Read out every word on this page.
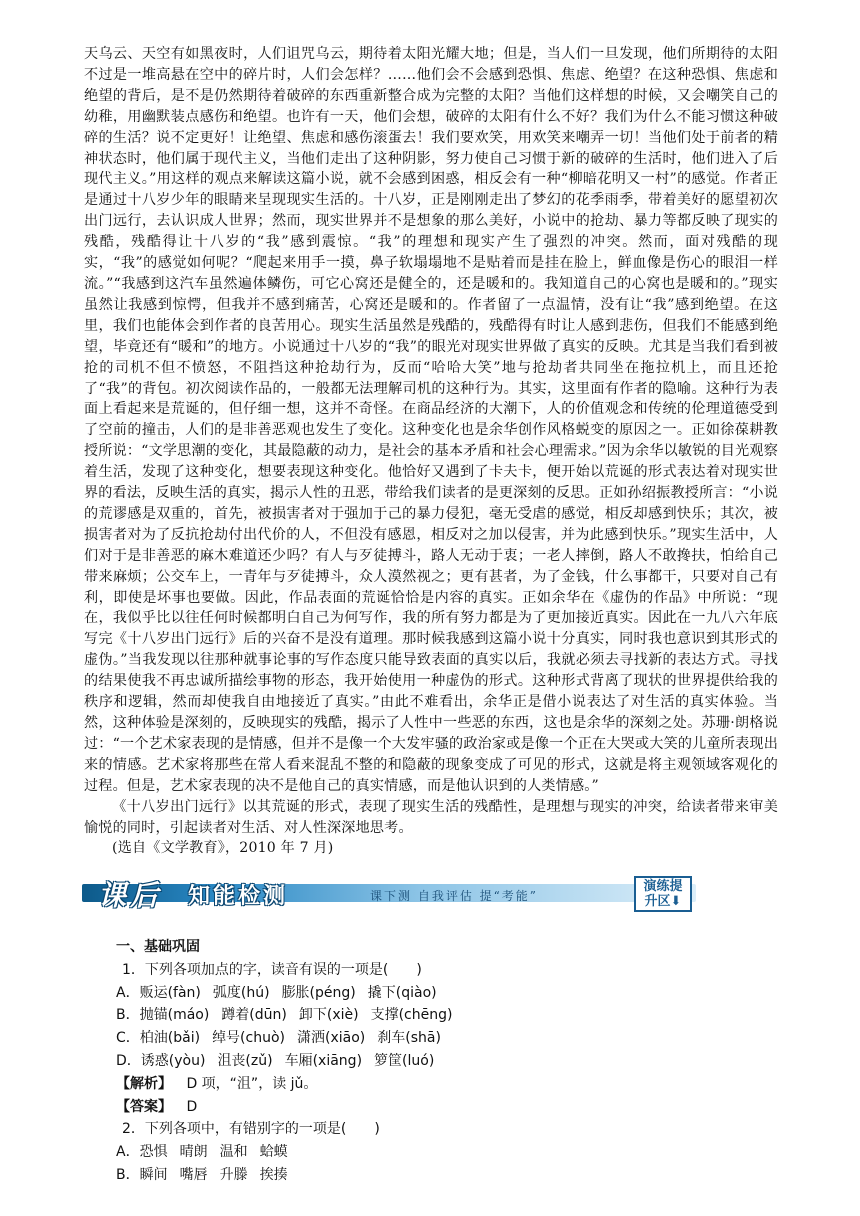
天乌云、天空有如黑夜时，人们诅咒乌云，期待着太阳光耀大地；但是，当人们一旦发现，他们所期待的太阳不过是一堆高悬在空中的碎片时，人们会怎样？……他们会不会感到恐惧、焦虑、绝望？在这种恐惧、焦虑和绝望的背后，是不是仍然期待着破碎的东西重新整合成为完整的太阳？当他们这样想的时候，又会嘲笑自己的幼稚，用幽默装点感伤和绝望。也许有一天，他们会想，破碎的太阳有什么不好？我们为什么不能习惯这种破碎的生活？说不定更好！让绝望、焦虑和感伤滚蛋去！我们要欢笑，用欢笑来嘲弄一切！当他们处于前者的精神状态时，他们属于现代主义，当他们走出了这种阴影，努力使自己习惯于新的破碎的生活时，他们进入了后现代主义。”用这样的观点来解读这篇小说，就不会感到困惑，相反会有一种“柳暗花明又一村”的感觉。作者正是通过十八岁少年的眼睛来呈现现实生活的。十八岁，正是刚刚走出了梦幻的花季雨季，带着美好的愿望初次出门远行，去认识成人世界；然而，现实世界并不是想象的那么美好，小说中的抢劫、暴力等都反映了现实的残酷，残酷得让十八岁的“我”感到震惊。“我”的理想和现实产生了强烈的冲突。然而，面对残酷的现实，“我”的感觉如何呢？“爬起来用手一摸，鼻子软塌塌地不是贴着而是挂在脸上，鲜血像是伤心的眼泪一样流。”“我感到这汽车虽然遍体鳞伤，可它心窝还是健全的，还是暖和的。我知道自己的心窝也是暖和的。”现实虽然让我感到惊愕，但我并不感到痛苦，心窝还是暖和的。作者留了一点温情，没有让“我”感到绝望。在这里，我们也能体会到作者的良苦用心。现实生活虽然是残酷的，残酷得有时让人感到悲伤，但我们不能感到绝望，毕竟还有“暖和”的地方。小说通过十八岁的“我”的眼光对现实世界做了真实的反映。尤其是当我们看到被抢的司机不但不愤怒，不阻挡这种抢劫行为，反而“哈哈大笑”地与抢劫者共同坐在拖拉机上，而且还抢了“我”的背包。初次阅读作品的，一般都无法理解司机的这种行为。其实，这里面有作者的隐喻。这种行为表面上看起来是荒诞的，但仔细一想，这并不奇怪。在商品经济的大潮下，人的价值观念和传统的伦理道德受到了空前的撞击，人们的是非善恶观也发生了变化。这种变化也是余华创作风格蜕变的原因之一。正如徐葆耕教授所说：“文学思潮的变化，其最隐蔽的动力，是社会的基本矛盾和社会心理需求。”因为余华以敏锐的目光观察着生活，发现了这种变化，想要表现这种变化。他恰好又遇到了卡夫卡，便开始以荒诞的形式表达着对现实世界的看法，反映生活的真实，揭示人性的丑恶，带给我们读者的是更深刻的反思。正如孙绍振教授所言：“小说的荒谬感是双重的，首先，被损害者对于强加于己的暴力侵犯，毫无受虐的感觉，相反却感到快乐；其次，被损害者对为了反抗抢劫付出代价的人，不但没有感恩，相反对之加以侵害，并为此感到快乐。”现实生活中，人们对于是非善恶的麻木难道还少吗？有人与歹徒搏斗，路人无动于衷；一老人摔倒，路人不敢搀扶，怕给自己带来麻烦；公交车上，一青年与歹徒搏斗，众人漠然视之；更有甚者，为了金钱，什么事都干，只要对自己有利，即使是坏事也要做。因此，作品表面的荒诞恰恰是内容的真实。正如余华在《虚伪的作品》中所说：“现在，我似乎比以往任何时候都明白自己为何写作，我的所有努力都是为了更加接近真实。因此在一九八六年底写完《十八岁出门远行》后的兴奋不是没有道理。那时候我感到这篇小说十分真实，同时我也意识到其形式的虚伪。”当我发现以往那种就事论事的写作态度只能导致表面的真实以后，我就必须去寻找新的表达方式。寻找的结果使我不再忠诚所描绘事物的形态，我开始使用一种虚伪的形式。这种形式背离了现状的世界提供给我的秩序和逻辑，然而却使我自由地接近了真实。”由此不难看出，余华正是借小说表达了对生活的真实体验。当然，这种体验是深刻的，反映现实的残酷，揭示了人性中一些恶的东西，这也是余华的深刻之处。苏珊·朗格说过：“一个艺术家表现的是情感，但并不是像一个大发牢骚的政治家或是像一个正在大哭或大笑的儿童所表现出来的情感。艺术家将那些在常人看来混乱不整的和隐蔽的现象变成了可见的形式，这就是将主观领域客观化的过程。但是，艺术家表现的决不是他自己的真实情感，而是他认识到的人类情感。”

《十八岁出门远行》以其荒诞的形式，表现了现实生活的残酷性，是理想与现实的冲突，给读者带来审美愉悦的同时，引起读者对生活、对人性深深地思考。

(选自《文学教育》，2010 年 7 月)

课后 知能检测	课下测 自我评估 提“考能”
演练提
升区⬇
一、基础巩固
1．下列各项加点的字，读音有误的一项是(　　)
A．贩运(fàn) 弧度(hú) 膨胀(péng) 撬下(qiào)
B．抛锚(máo) 蹲着(dūn) 卸下(xiè) 支撑(chēng)
C．柏油(bǎi) 绰号(chuò) 潇洒(xiāo) 刹车(shā)
D．诱惑(yòu) 沮丧(zǔ) 车厢(xiāng) 箩筐(luó)
【解析】 D 项，“沮”，读 jǔ。
【答案】 D
2．下列各项中，有错别字的一项是(　　)
A．恐惧 晴朗 温和 蛤蟆
B．瞬间 嘴唇 升滕 挨揍
